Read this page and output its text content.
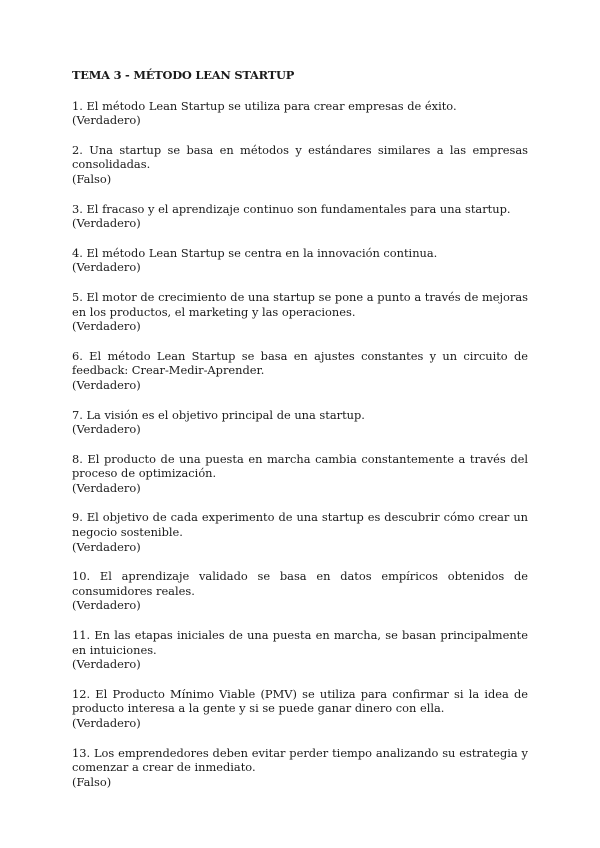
TEMA 3 - MÉTODO LEAN STARTUP

1. El método Lean Startup se utiliza para crear empresas de éxito.

(Verdadero)

2. Una startup se basa en métodos y estándares similares a las empresas consolidadas.

(Falso)

3. El fracaso y el aprendizaje continuo son fundamentales para una startup.

(Verdadero)

4. El método Lean Startup se centra en la innovación continua.

(Verdadero)

5. El motor de crecimiento de una startup se pone a punto a través de mejoras en los productos, el marketing y las operaciones.

(Verdadero)

6. El método Lean Startup se basa en ajustes constantes y un circuito de feedback: Crear-Medir-Aprender.

(Verdadero)

7. La visión es el objetivo principal de una startup.

(Verdadero)

8. El producto de una puesta en marcha cambia constantemente a través del proceso de optimización.

(Verdadero)

9. El objetivo de cada experimento de una startup es descubrir cómo crear un negocio sostenible.

(Verdadero)

10. El aprendizaje validado se basa en datos empíricos obtenidos de consumidores reales.

(Verdadero)

11. En las etapas iniciales de una puesta en marcha, se basan principalmente en intuiciones.

(Verdadero)

12. El Producto Mínimo Viable (PMV) se utiliza para confirmar si la idea de producto interesa a la gente y si se puede ganar dinero con ella.

(Verdadero)

13. Los emprendedores deben evitar perder tiempo analizando su estrategia y comenzar a crear de inmediato.

(Falso)
